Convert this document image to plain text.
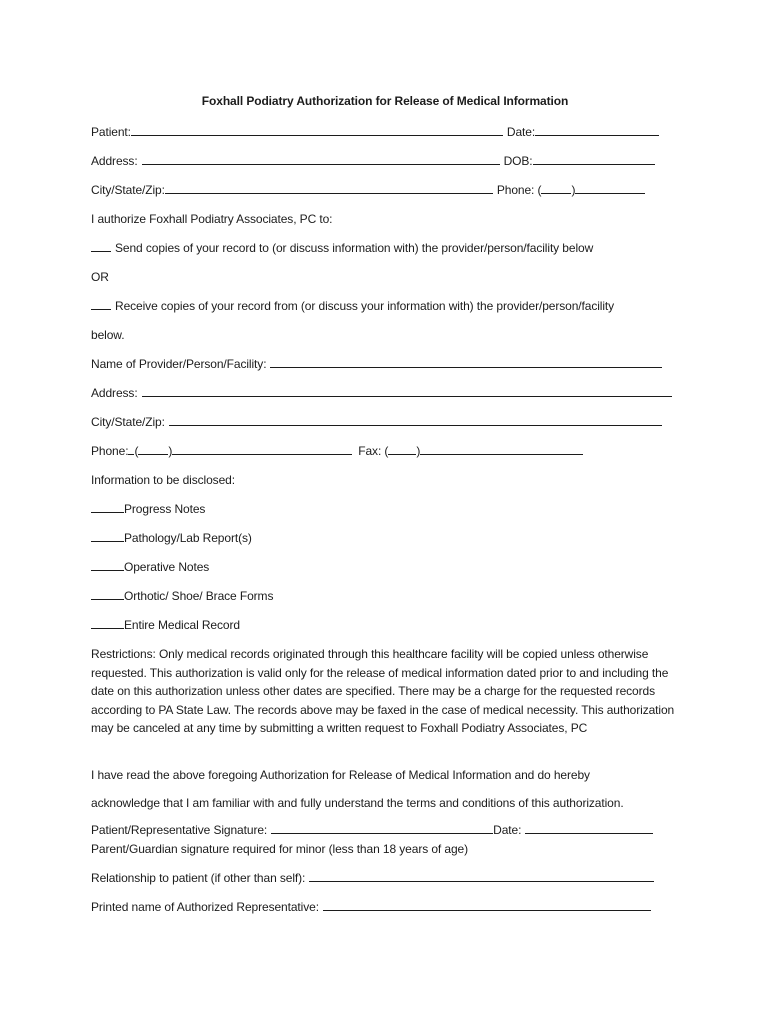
Foxhall Podiatry Authorization for Release of Medical Information
Patient:	Date:
Address:	DOB:
City/State/Zip:	Phone: (	)
I authorize Foxhall Podiatry Associates, PC to:
Send copies of your record to (or discuss information with) the provider/person/facility below
OR
Receive copies of your record from (or discuss your information with) the provider/person/facility
below.
Name of Provider/Person/Facility:
Address:
City/State/Zip:
Phone: (	)	Fax: ( )
Information to be disclosed:
Progress Notes
Pathology/Lab Report(s)
Operative Notes
Orthotic/ Shoe/ Brace Forms
Entire Medical Record
Restrictions: Only medical records originated through this healthcare facility will be copied unless otherwise requested. This authorization is valid only for the release of medical information dated prior to and including the date on this authorization unless other dates are specified. There may be a charge for the requested records according to PA State Law. The records above may be faxed in the case of medical necessity. This authorization may be canceled at any time by submitting a written request to Foxhall Podiatry Associates, PC
I have read the above foregoing Authorization for Release of Medical Information and do hereby
acknowledge that I am familiar with and fully understand the terms and conditions of this authorization.
Patient/Representative Signature:	Date:
Parent/Guardian signature required for minor (less than 18 years of age)
Relationship to patient (if other than self):
Printed name of Authorized Representative:
